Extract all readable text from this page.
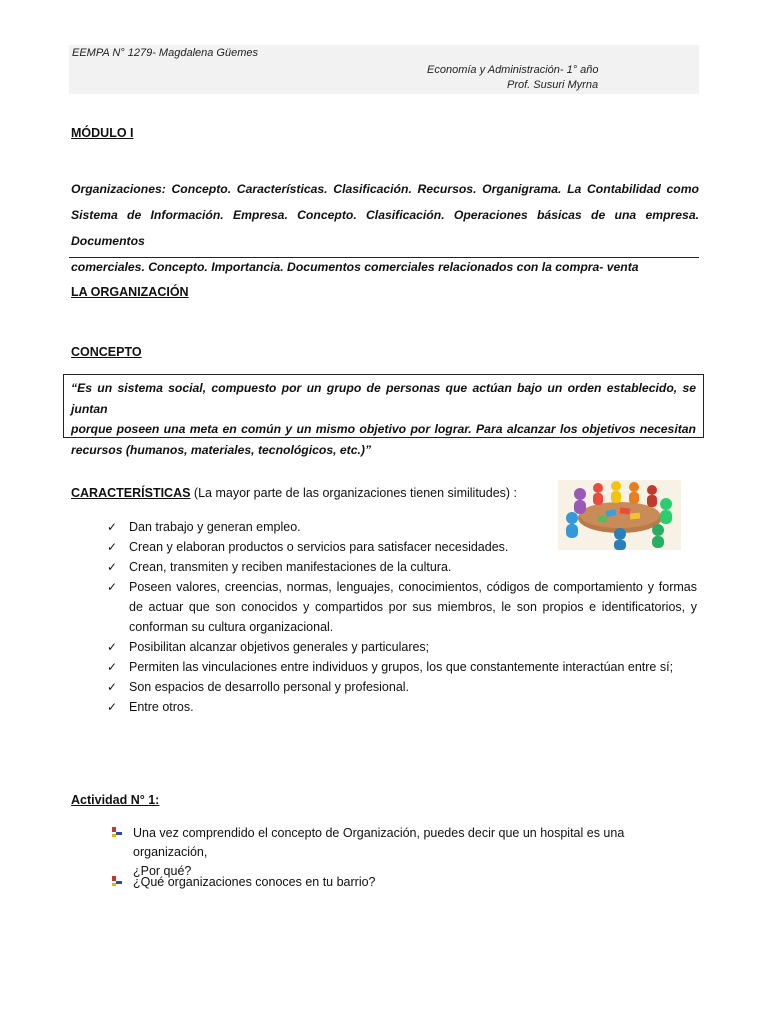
EEMPA N° 1279- Magdalena Güemes
Economía y Administración- 1° año
Prof. Susuri Myrna
MÓDULO I
Organizaciones: Concepto. Características. Clasificación. Recursos. Organigrama. La Contabilidad como
Sistema de Información. Empresa. Concepto. Clasificación. Operaciones básicas de una empresa. Documentos
comerciales. Concepto. Importancia. Documentos comerciales relacionados con la compra- venta
LA ORGANIZACIÓN
CONCEPTO
“Es un sistema social, compuesto por un grupo de personas que actúan bajo un orden establecido, se juntan
porque poseen una meta en común y un mismo objetivo por lograr. Para alcanzar los objetivos necesitan
recursos (humanos, materiales, tecnológicos, etc.)”
CARACTERÍSTICAS (La mayor parte de las organizaciones tienen similitudes) :
✓ Dan trabajo y generan empleo.
✓ Crean y elaboran productos o servicios para satisfacer necesidades.
✓ Crean, transmiten y reciben manifestaciones de la cultura.
✓ Poseen valores, creencias, normas, lenguajes, conocimientos, códigos de comportamiento y formas
de actuar que son conocidos y compartidos por sus miembros, le son propios e identificatorios, y
conforman su cultura organizacional.
✓ Posibilitan alcanzar objetivos generales y particulares;
✓ Permiten las vinculaciones entre individuos y grupos, los que constantemente interactúan entre sí;
✓ Son espacios de desarrollo personal y profesional.
✓ Entre otros.
Actividad N° 1:
Una vez comprendido el concepto de Organización, puedes decir que un hospital es una organización,
¿Por qué?
¿Qué organizaciones conoces en tu barrio?
